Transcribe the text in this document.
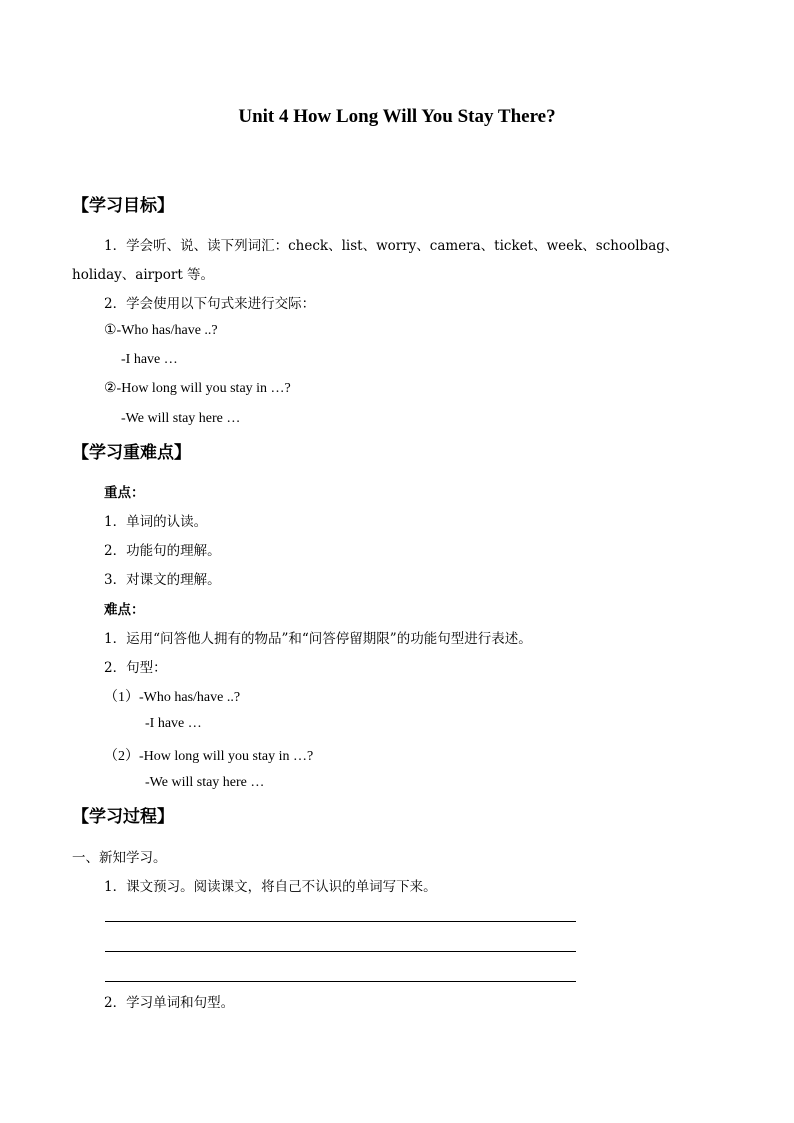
Unit 4 How Long Will You Stay There?
【学习目标】
1．学会听、说、读下列词汇：check、list、worry、camera、ticket、week、schoolbag、
holiday、airport 等。
2．学会使用以下句式来进行交际：
①-Who has/have ..?
-I have …
②-How long will you stay in …?
-We will stay here …
【学习重难点】
重点：
1．单词的认读。
2．功能句的理解。
3．对课文的理解。
难点：
1．运用“问答他人拥有的物品”和“问答停留期限”的功能句型进行表述。
2．句型：
（1）-Who has/have ..?
-I have …
（2）-How long will you stay in …?
-We will stay here …
【学习过程】
一、新知学习。
1．课文预习。阅读课文，将自己不认识的单词写下来。
2．学习单词和句型。
